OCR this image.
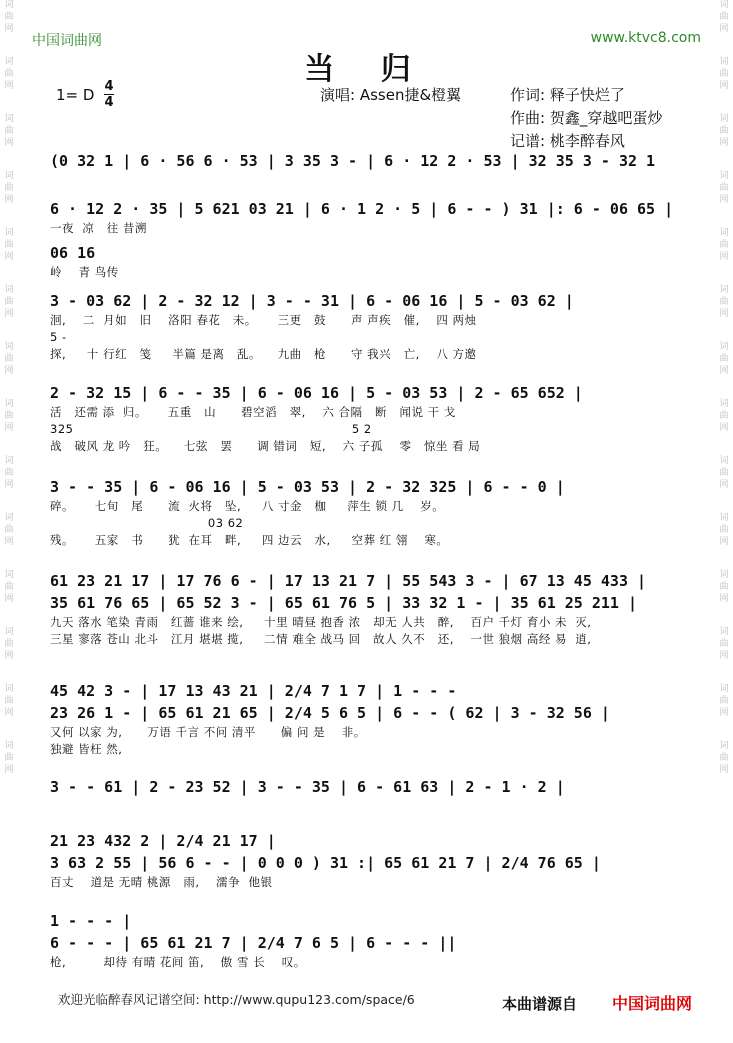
词
曲
网
词
曲
网
词
曲
网
词
曲
网
词
曲
网
词
曲
网
词
曲
网
词
曲
网
词
曲
网
词
曲
网
词
曲
网
词
曲
网
词
曲
网
词
曲
网
词
曲
网
词
曲
网
词
曲
网
词
曲
网
词
曲
网
词
曲
网
词
曲
网
词
曲
网
词
曲
网
词
曲
网
词
曲
网
词
曲
网
词
曲
网
词
曲
网
中国词曲网	www.ktvc8.com
当 归
1= D 4
4	演唱: Assen捷&橙翼	作词: 释子快烂了
作曲: 贺鑫_穿越吧蛋炒
记谱: 桃李醉春风
(0 32 1 | 6 · 56 6 · 53 | 3 35 3 - | 6 · 12 2 · 53 | 32 35 3 - 32 1
6 · 12 2 · 35 | 5 621 03 21 | 6 · 1 2 · 5 | 6 - - ) 31 |: 6 - 06 65 |
一夜  凉   往 昔溯
06 16
岭    青 鸟传
3 - 03 62 | 2 - 32 12 | 3 - - 31 | 6 - 06 16 | 5 - 03 62 |
洄,    二  月如   旧    洛阳 春花   未。     三更   鼓      声 声疾   催,    四 两烛
5 -
探,     十 行红   笺     半篇 是离   乱。    九曲   枪      守 我兴   亡,    八 方邀
2 - 32 15 | 6 - - 35 | 6 - 06 16 | 5 - 03 53 | 2 - 65 652 |
活   还需 添  归。     五重   山      碧空滔   翠,    六 合隔   断   闻说 干 戈
325                                                                   5 2
战   破风 龙 吟   狂。    七弦   罢      调 错词   短,    六 子孤    零   惊坐 看 局
3 - - 35 | 6 - 06 16 | 5 - 03 53 | 2 - 32 325 | 6 - - 0 |
碎。     七旬   尾      流  火将   坠,     八 寸金   枷     萍生 锁 几    岁。
03 62
残。     五家   书      犹  在耳   畔,     四 边云   水,     空葬 红 翎    寒。
61 23 21 17 | 17 76 6 - | 17 13 21 7 | 55 543 3 - | 67 13 45 433 |
35 61 76 65 | 65 52 3 - | 65 61 76 5 | 33 32 1 - | 35 61 25 211 |
九天 落水 笔染 青雨   红蔷 谁来 绘,     十里 晴昼 抱香 浓   却无 人共   醉,    百户 千灯 育小 未  灭,
三星 寥落 苍山 北斗   江月 堪堪 揽,     二情 难全 战马 回   故人 久不   还,    一世 狼烟 高经 易  逍,
45 42 3 - | 17 13 43 21 | 2/4 7 1 7 | 1 - - -
23 26 1 - | 65 61 21 65 | 2/4 5 6 5 | 6 - - ( 62 | 3 - 32 56 |
又何 以家 为,      万语 千言 不问 清平      偏 问 是    非。
独避 皆枉 然,
3 - - 61 | 2 - 23 52 | 3 - - 35 | 6 - 61 63 | 2 - 1 · 2 |
21 23 432 2 | 2/4 21 17 |
3 63 2 55 | 56 6 - - | 0 0 0 ) 31 :| 65 61 21 7 | 2/4 76 65 |
百丈    道是 无晴 桃源   雨,    濡争  他银
1 - - - |
6 - - - | 65 61 21 7 | 2/4 7 6 5 | 6 - - - ||
枪,         却待 有晴 花间 笛,    傲 雪 长    叹。
欢迎光临醉春风记谱空间: http://www.qupu123.com/space/6	本曲谱源自 中国词曲网
